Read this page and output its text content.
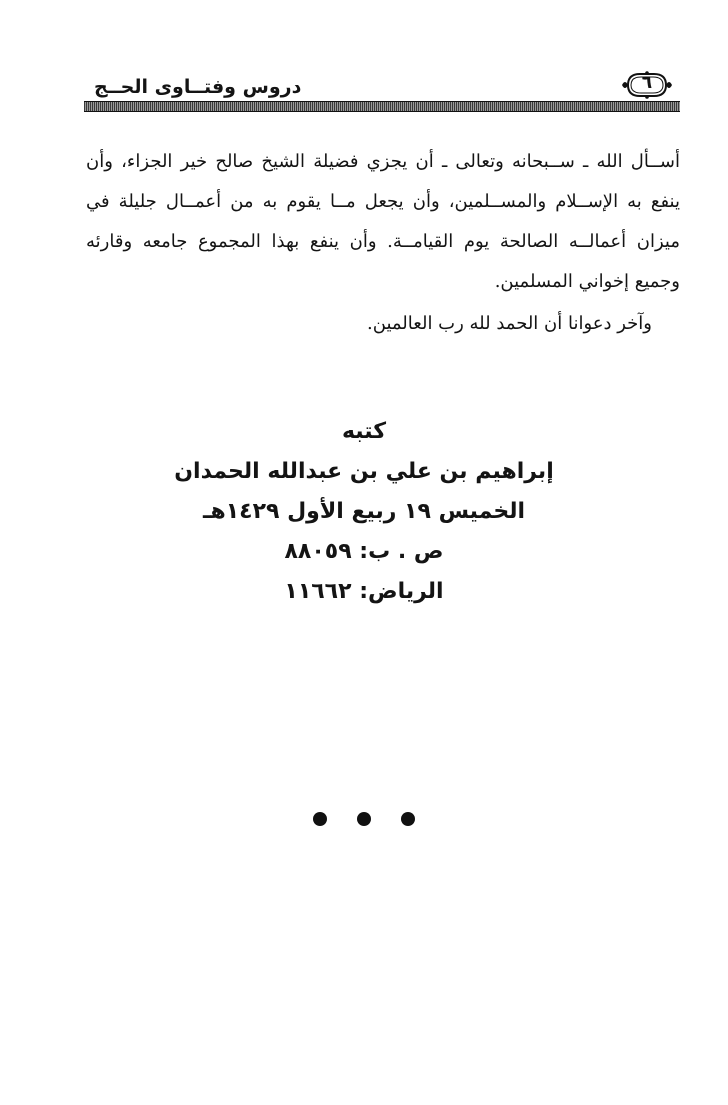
دروس وفتــاوى الحــج	٦

أســأل الله ـ ســبحانه وتعالى ـ أن يجزي فضيلة الشيخ صالح خير الجزاء، وأن ينفع به الإســلام والمســلمين، وأن يجعل مــا يقوم به من أعمــال جليلة في ميزان أعمالــه الصالحة يوم القيامــة. وأن ينفع بهذا المجموع جامعه وقارئه وجميع إخواني المسلمين.

وآخر دعوانا أن الحمد لله رب العالمين.

كتبه
إبراهيم بن علي بن عبدالله الحمدان
الخميس ١٩ ربيع الأول ١٤٢٩هـ
ص . ب: ٨٨٠٥٩
الرياض: ١١٦٦٢
